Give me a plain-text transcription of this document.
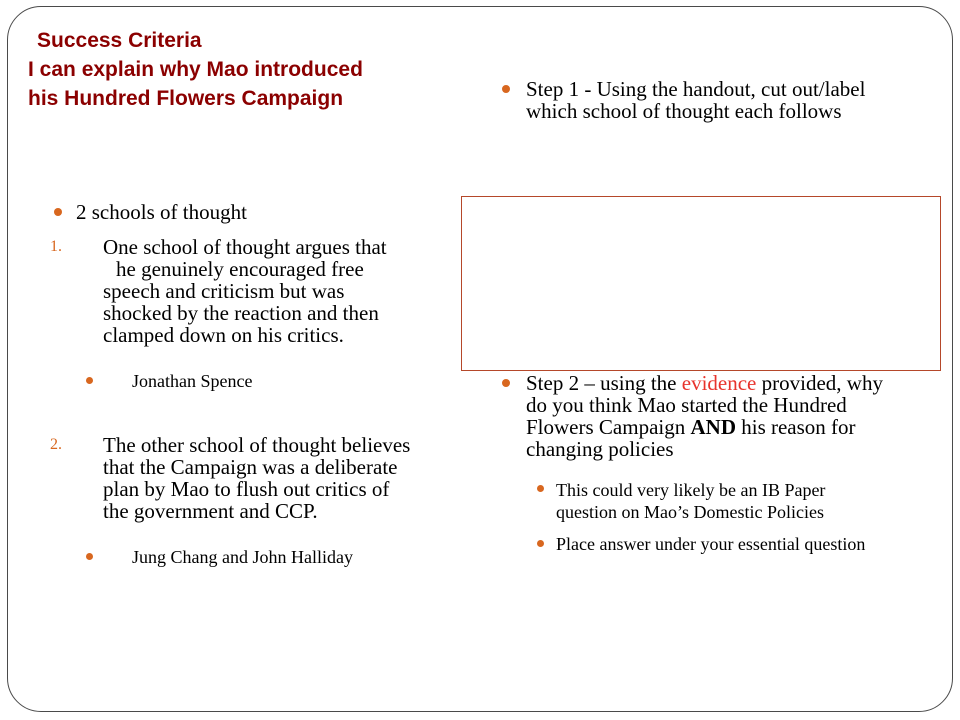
Success Criteria
I can explain why Mao introduced
his Hundred Flowers Campaign
2 schools of thought
1. One school of thought argues that
he genuinely encouraged free
speech and criticism but was
shocked by the reaction and then
clamped down on his critics.
Jonathan Spence
2. The other school of thought believes
that the Campaign was a deliberate
plan by Mao to flush out critics of
the government and CCP.
Jung Chang and John Halliday
Step 1 - Using the handout, cut out/label
which school of thought each follows
Step 2 – using the evidence provided, why
do you think Mao started the Hundred
Flowers Campaign AND his reason for
changing policies
This could very likely be an IB Paper
question on Mao’s Domestic Policies
Place answer under your essential question
